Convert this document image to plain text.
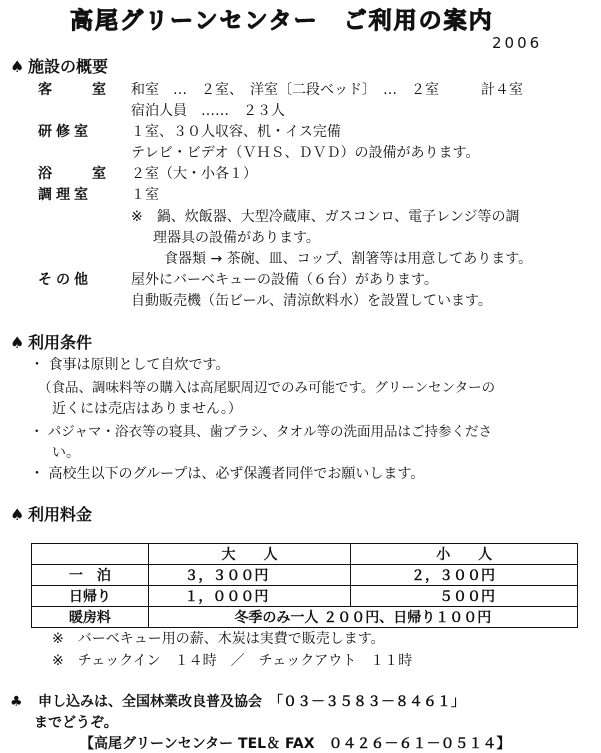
高尾グリーンセンター　ご利用の案内
2006
♠ 施設の概要
客　　室 和室　…　２室、　洋室〔二段ベッド〕　…　２室　　　計４室
宿泊人員　……　２３人
研修室	１室、３０人収容、机・イス完備
テレビ・ビデオ（ＶＨＳ、ＤＶＤ）の設備があります。
浴　　室 ２室（大・小各１）
調理室	１室
※　鍋、炊飯器、大型冷蔵庫、ガスコンロ、電子レンジ等の調
理器具の設備があります。
食器類 → 茶碗、皿、コップ、割箸等は用意してあります。
その他	屋外にバーベキューの設備（６台）があります。
自動販売機（缶ビール、清涼飲料水）を設置しています。
♠ 利用条件
・ 食事は原則として自炊です。
（食品、調味料等の購入は高尾駅周辺でのみ可能です。グリーンセンターの
近くには売店はありません。）
・ パジャマ・浴衣等の寝具、歯ブラシ、タオル等の洗面用品はご持参くださ
い。
・ 高校生以下のグループは、必ず保護者同伴でお願いします。
♠ 利用料金
	大　　人	小　　人
一　泊	３，３００円	２，３００円
日帰り	１，０００円	５００円
暖房料	冬季のみ一人 ２００円、日帰り１００円	
※　バーベキュー用の薪、木炭は実費で販売します。
※　チェックイン　１４時　／　チェックアウト　１１時
♣ 申し込みは、全国林業改良普及協会　「０３－３５８３－８４６１」
までどうぞ。
【高尾グリーンセンター TEL＆ FAX　０４２６－６１－０５１４】
